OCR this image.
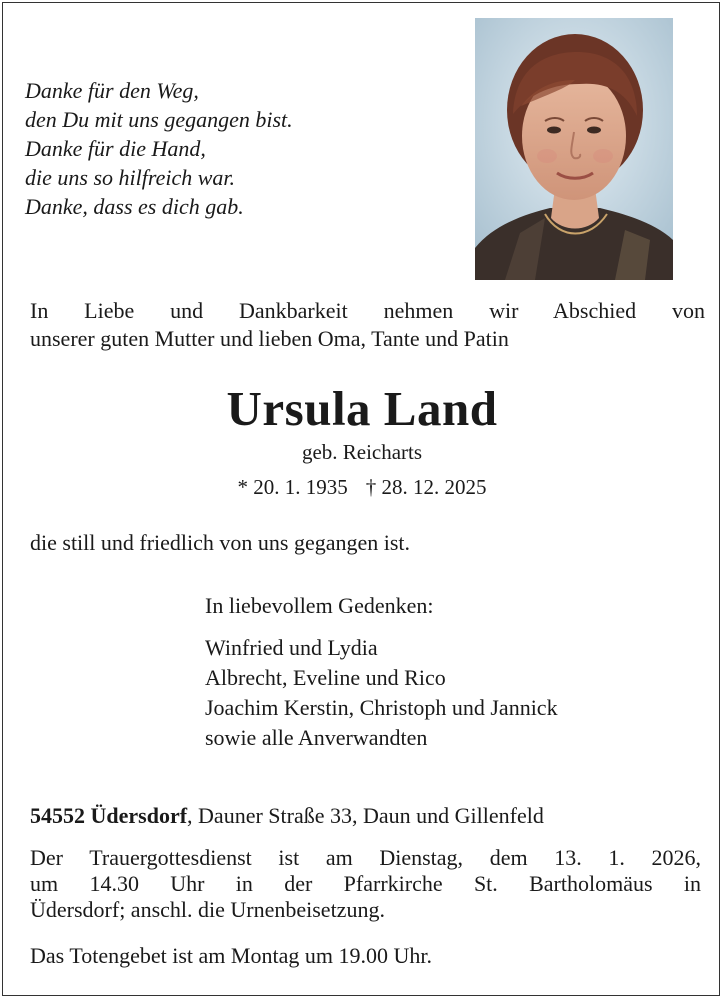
Danke für den Weg,
den Du mit uns gegangen bist.
Danke für die Hand,
die uns so hilfreich war.
Danke, dass es dich gab.
In Liebe und Dankbarkeit nehmen wir Abschied von
unserer guten Mutter und lieben Oma, Tante und Patin
Ursula Land
geb. Reicharts
* 20. 1. 1935 † 28. 12. 2025
die still und friedlich von uns gegangen ist.
In liebevollem Gedenken:
Winfried und Lydia
Albrecht, Eveline und Rico
Joachim Kerstin, Christoph und Jannick
sowie alle Anverwandten
54552 Üdersdorf, Dauner Straße 33, Daun und Gillenfeld
Der Trauergottesdienst ist am Dienstag, dem 13. 1. 2026,
um 14.30 Uhr in der Pfarrkirche St. Bartholomäus in
Üdersdorf; anschl. die Urnenbeisetzung.
Das Totengebet ist am Montag um 19.00 Uhr.
